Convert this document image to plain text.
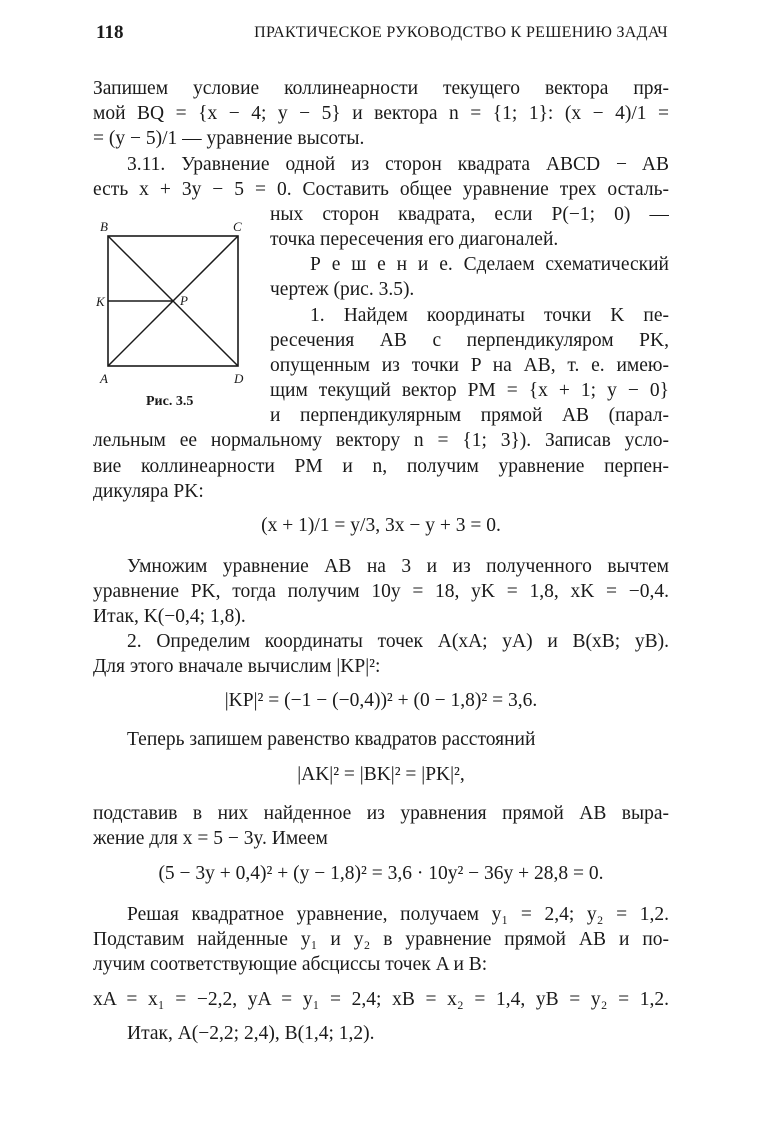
118	ПРАКТИЧЕСКОЕ РУКОВОДСТВО К РЕШЕНИЮ ЗАДАЧ
Запишем условие коллинеарности текущего вектора пря-
мой BQ = {x − 4; y − 5} и вектора n = {1; 1}: (x − 4)/1 =
= (y − 5)/1 — уравнение высоты.
3.11. Уравнение одной из сторон квадрата ABCD − AB
есть x + 3y − 5 = 0. Составить общее уравнение трех осталь-
B	C
K	P
A	D
Рис. 3.5
ных сторон квадрата, если P(−1; 0) —
точка пересечения его диагоналей.
Р е ш е н и е. Сделаем схематический
чертеж (рис. 3.5).
1. Найдем координаты точки K пе-
ресечения AB с перпендикуляром PK,
опущенным из точки P на AB, т. е. имею-
щим текущий вектор PM = {x + 1; y − 0}
и перпендикулярным прямой AB (парал-
лельным ее нормальному вектору n = {1; 3}). Записав усло-
вие коллинеарности PM и n, получим уравнение перпен-
дикуляра PK:
(x + 1)/1 = y/3, 3x − y + 3 = 0.
Умножим уравнение AB на 3 и из полученного вычтем
уравнение PK, тогда получим 10y = 18, yK = 1,8, xK = −0,4.
Итак, K(−0,4; 1,8).
2. Определим координаты точек A(xA; yA) и B(xB; yB).
Для этого вначале вычислим |KP|²:
|KP|² = (−1 − (−0,4))² + (0 − 1,8)² = 3,6.
Теперь запишем равенство квадратов расстояний
|AK|² = |BK|² = |PK|²,
подставив в них найденное из уравнения прямой AB выра-
жение для x = 5 − 3y. Имеем
(5 − 3y + 0,4)² + (y − 1,8)² = 3,6 · 10y² − 36y + 28,8 = 0.
Решая квадратное уравнение, получаем y₁ = 2,4; y₂ = 1,2.
Подставим найденные y₁ и y₂ в уравнение прямой AB и по-
лучим соответствующие абсциссы точек A и B:
xA = x₁ = −2,2, yA = y₁ = 2,4; xB = x₂ = 1,4, yB = y₂ = 1,2.
Итак, A(−2,2; 2,4), B(1,4; 1,2).
